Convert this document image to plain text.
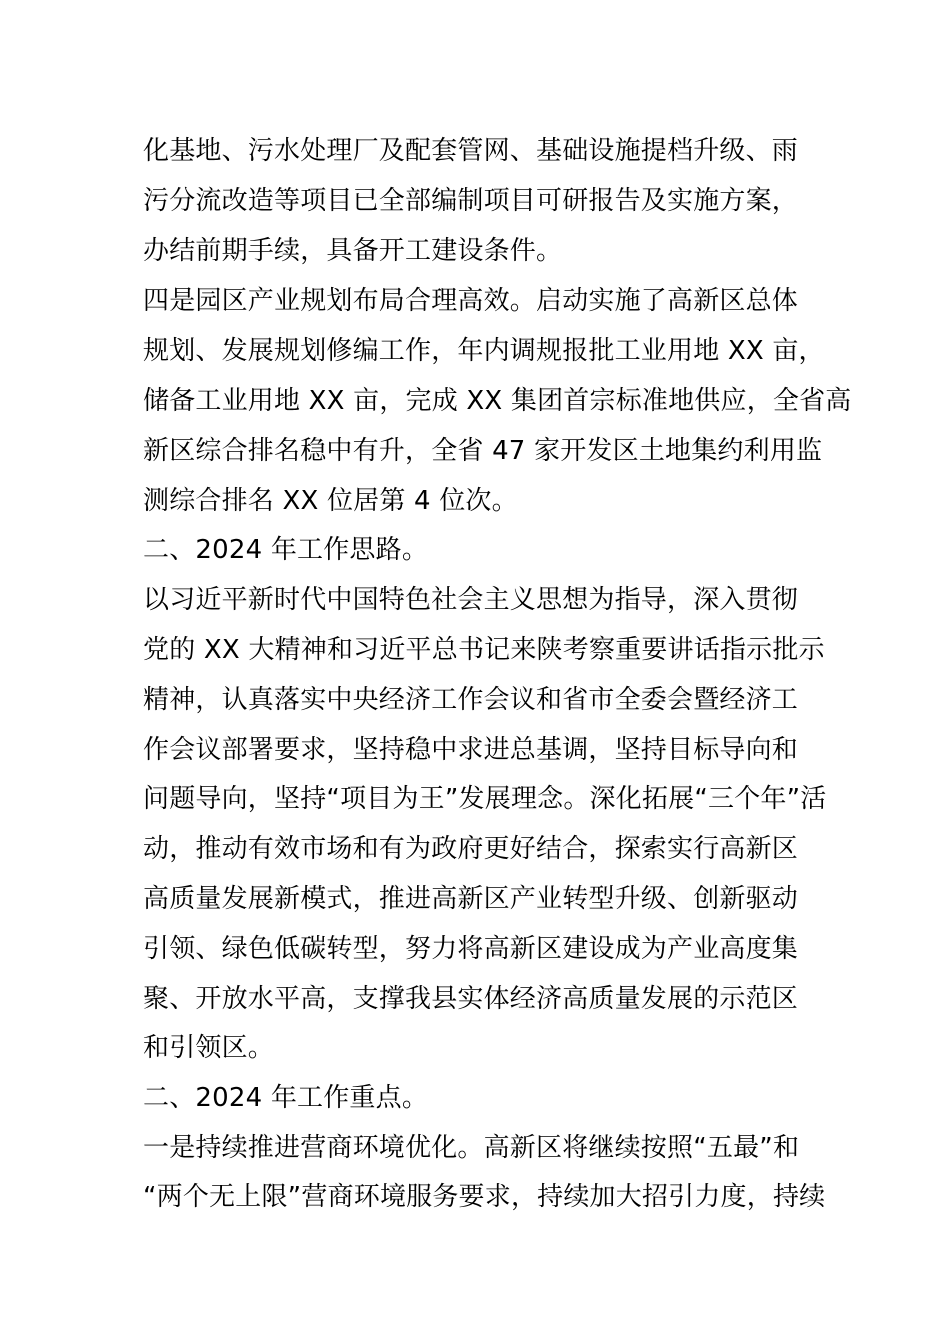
化基地、污水处理厂及配套管网、基础设施提档升级、雨
污分流改造等项目已全部编制项目可研报告及实施方案，
办结前期手续，具备开工建设条件。
四是园区产业规划布局合理高效。启动实施了高新区总体
规划、发展规划修编工作，年内调规报批工业用地 XX 亩，
储备工业用地 XX 亩，完成 XX 集团首宗标准地供应，全省高
新区综合排名稳中有升，全省 47 家开发区土地集约利用监
测综合排名 XX 位居第 4 位次。
二、2024 年工作思路。
以习近平新时代中国特色社会主义思想为指导，深入贯彻
党的 XX 大精神和习近平总书记来陕考察重要讲话指示批示
精神，认真落实中央经济工作会议和省市全委会暨经济工
作会议部署要求，坚持稳中求进总基调，坚持目标导向和
问题导向，坚持“项目为王”发展理念。深化拓展“三个年”活
动，推动有效市场和有为政府更好结合，探索实行高新区
高质量发展新模式，推进高新区产业转型升级、创新驱动
引领、绿色低碳转型，努力将高新区建设成为产业高度集
聚、开放水平高，支撑我县实体经济高质量发展的示范区
和引领区。
二、2024 年工作重点。
一是持续推进营商环境优化。高新区将继续按照“五最”和
“两个无上限”营商环境服务要求，持续加大招引力度，持续
